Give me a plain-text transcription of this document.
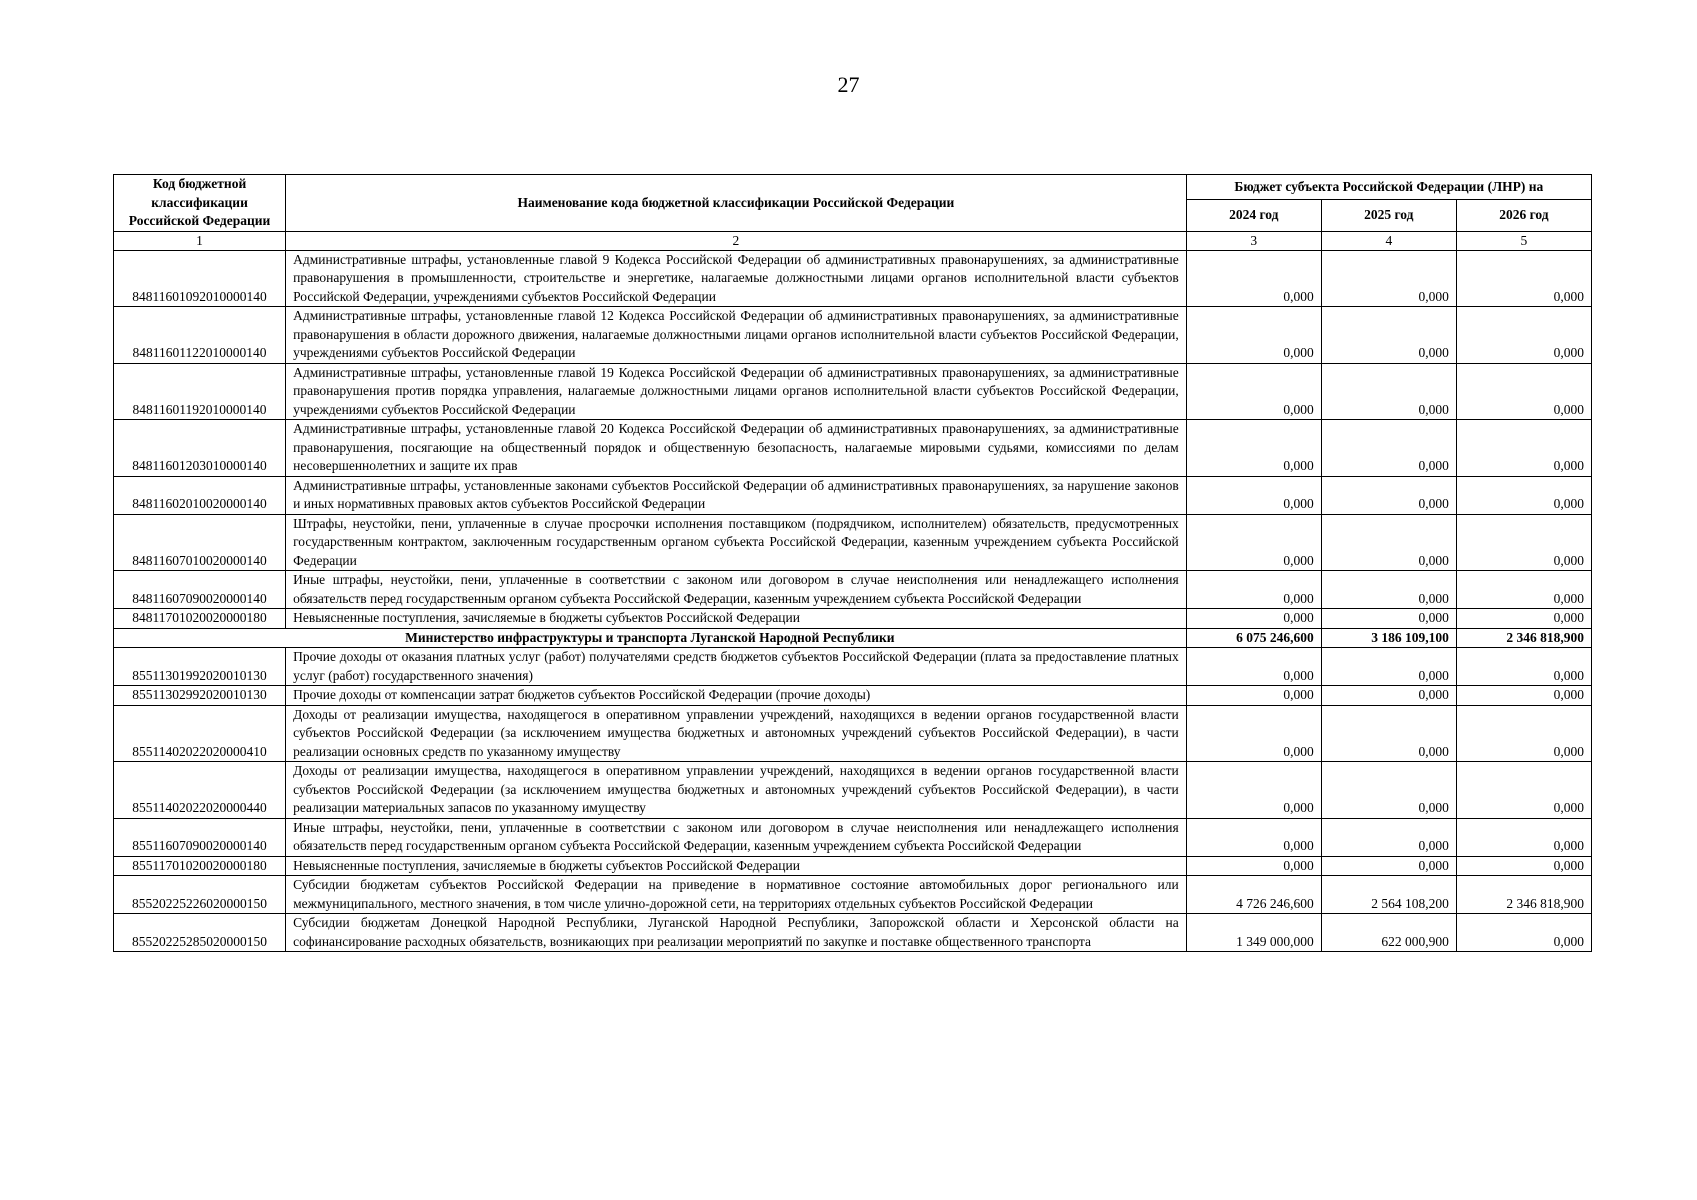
27
Код бюджетной классификации Российской Федерации	Наименование кода бюджетной классификации Российской Федерации	Бюджет субъекта Российской Федерации (ЛНР) на		
		2024 год	2025 год	2026 год
1	2	3	4	5
84811601092010000140	Административные штрафы, установленные главой 9 Кодекса Российской Федерации об административных правонарушениях, за административные правонарушения в промышленности, строительстве и энергетике, налагаемые должностными лицами органов исполнительной власти субъектов Российской Федерации, учреждениями субъектов Российской Федерации	0,000	0,000	0,000
84811601122010000140	Административные штрафы, установленные главой 12 Кодекса Российской Федерации об административных правонарушениях, за административные правонарушения в области дорожного движения, налагаемые должностными лицами органов исполнительной власти субъектов Российской Федерации, учреждениями субъектов Российской Федерации	0,000	0,000	0,000
84811601192010000140	Административные штрафы, установленные главой 19 Кодекса Российской Федерации об административных правонарушениях, за административные правонарушения против порядка управления, налагаемые должностными лицами органов исполнительной власти субъектов Российской Федерации, учреждениями субъектов Российской Федерации	0,000	0,000	0,000
84811601203010000140	Административные штрафы, установленные главой 20 Кодекса Российской Федерации об административных правонарушениях, за административные правонарушения, посягающие на общественный порядок и общественную безопасность, налагаемые мировыми судьями, комиссиями по делам несовершеннолетних и защите их прав	0,000	0,000	0,000
84811602010020000140	Административные штрафы, установленные законами субъектов Российской Федерации об административных правонарушениях, за нарушение законов и иных нормативных правовых актов субъектов Российской Федерации	0,000	0,000	0,000
84811607010020000140	Штрафы, неустойки, пени, уплаченные в случае просрочки исполнения поставщиком (подрядчиком, исполнителем) обязательств, предусмотренных государственным контрактом, заключенным государственным органом субъекта Российской Федерации, казенным учреждением субъекта Российской Федерации	0,000	0,000	0,000
84811607090020000140	Иные штрафы, неустойки, пени, уплаченные в соответствии с законом или договором в случае неисполнения или ненадлежащего исполнения обязательств перед государственным органом субъекта Российской Федерации, казенным учреждением субъекта Российской Федерации	0,000	0,000	0,000
84811701020020000180	Невыясненные поступления, зачисляемые в бюджеты субъектов Российской Федерации	0,000	0,000	0,000
Министерство инфраструктуры и транспорта Луганской Народной Республики		6 075 246,600	3 186 109,100	2 346 818,900
85511301992020010130	Прочие доходы от оказания платных услуг (работ) получателями средств бюджетов субъектов Российской Федерации (плата за предоставление платных услуг (работ) государственного значения)	0,000	0,000	0,000
85511302992020010130	Прочие доходы от компенсации затрат бюджетов субъектов Российской Федерации (прочие доходы)	0,000	0,000	0,000
85511402022020000410	Доходы от реализации имущества, находящегося в оперативном управлении учреждений, находящихся в ведении органов государственной власти субъектов Российской Федерации (за исключением имущества бюджетных и автономных учреждений субъектов Российской Федерации), в части реализации основных средств по указанному имуществу	0,000	0,000	0,000
85511402022020000440	Доходы от реализации имущества, находящегося в оперативном управлении учреждений, находящихся в ведении органов государственной власти субъектов Российской Федерации (за исключением имущества бюджетных и автономных учреждений субъектов Российской Федерации), в части реализации материальных запасов по указанному имуществу	0,000	0,000	0,000
85511607090020000140	Иные штрафы, неустойки, пени, уплаченные в соответствии с законом или договором в случае неисполнения или ненадлежащего исполнения обязательств перед государственным органом субъекта Российской Федерации, казенным учреждением субъекта Российской Федерации	0,000	0,000	0,000
85511701020020000180	Невыясненные поступления, зачисляемые в бюджеты субъектов Российской Федерации	0,000	0,000	0,000
85520225226020000150	Субсидии бюджетам субъектов Российской Федерации на приведение в нормативное состояние автомобильных дорог регионального или межмуниципального, местного значения, в том числе улично-дорожной сети, на территориях отдельных субъектов Российской Федерации	4 726 246,600	2 564 108,200	2 346 818,900
85520225285020000150	Субсидии бюджетам Донецкой Народной Республики, Луганской Народной Республики, Запорожской области и Херсонской области на софинансирование расходных обязательств, возникающих при реализации мероприятий по закупке и поставке общественного транспорта	1 349 000,000	622 000,900	0,000
